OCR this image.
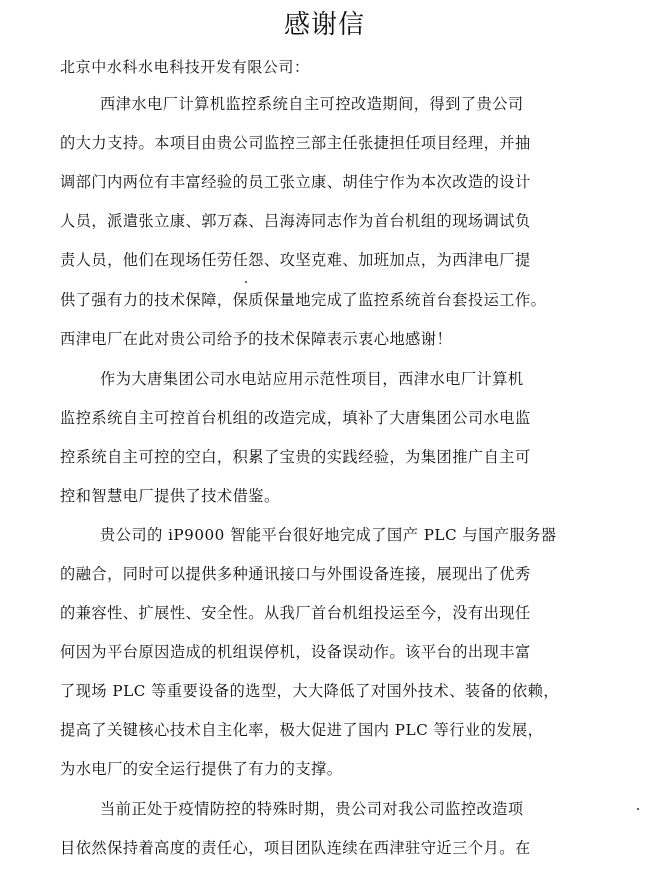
感谢信
北京中水科水电科技开发有限公司：
西津水电厂计算机监控系统自主可控改造期间，得到了贵公司
的大力支持。本项目由贵公司监控三部主任张捷担任项目经理，并抽
调部门内两位有丰富经验的员工张立康、胡佳宁作为本次改造的设计
人员，派遣张立康、郭万森、吕海涛同志作为首台机组的现场调试负
责人员，他们在现场任劳任怨、攻坚克难、加班加点，为西津电厂提
供了强有力的技术保障，保质保量地完成了监控系统首台套投运工作。
西津电厂在此对贵公司给予的技术保障表示衷心地感谢！
作为大唐集团公司水电站应用示范性项目，西津水电厂计算机
监控系统自主可控首台机组的改造完成，填补了大唐集团公司水电监
控系统自主可控的空白，积累了宝贵的实践经验，为集团推广自主可
控和智慧电厂提供了技术借鉴。
贵公司的 iP9000 智能平台很好地完成了国产 PLC 与国产服务器
的融合，同时可以提供多种通讯接口与外围设备连接，展现出了优秀
的兼容性、扩展性、安全性。从我厂首台机组投运至今，没有出现任
何因为平台原因造成的机组误停机，设备误动作。该平台的出现丰富
了现场 PLC 等重要设备的选型，大大降低了对国外技术、装备的依赖，
提高了关键核心技术自主化率，极大促进了国内 PLC 等行业的发展，
为水电厂的安全运行提供了有力的支撑。
当前正处于疫情防控的特殊时期，贵公司对我公司监控改造项
目依然保持着高度的责任心，项目团队连续在西津驻守近三个月。在
